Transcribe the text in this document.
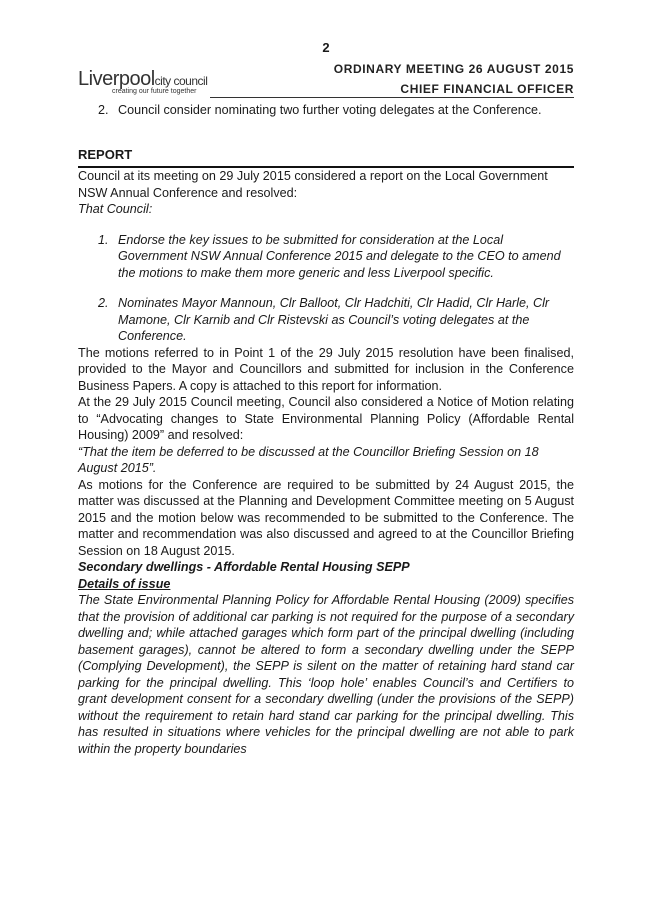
2
Liverpoolcity council
creating our future together
ORDINARY MEETING 26 AUGUST 2015
CHIEF FINANCIAL OFFICER
2. Council consider nominating two further voting delegates at the Conference.
REPORT

Council at its meeting on 29 July 2015 considered a report on the Local Government NSW Annual Conference and resolved:

That Council:

1. Endorse the key issues to be submitted for consideration at the Local Government NSW Annual Conference 2015 and delegate to the CEO to amend the motions to make them more generic and less Liverpool specific.
2. Nominates Mayor Mannoun, Clr Balloot, Clr Hadchiti, Clr Hadid, Clr Harle, Clr Mamone, Clr Karnib and Clr Ristevski as Council’s voting delegates at the Conference.

The motions referred to in Point 1 of the 29 July 2015 resolution have been finalised, provided to the Mayor and Councillors and submitted for inclusion in the Conference Business Papers. A copy is attached to this report for information.

At the 29 July 2015 Council meeting, Council also considered a Notice of Motion relating to “Advocating changes to State Environmental Planning Policy (Affordable Rental Housing) 2009” and resolved:

“That the item be deferred to be discussed at the Councillor Briefing Session on 18 August 2015”.

As motions for the Conference are required to be submitted by 24 August 2015, the matter was discussed at the Planning and Development Committee meeting on 5 August 2015 and the motion below was recommended to be submitted to the Conference. The matter and recommendation was also discussed and agreed to at the Councillor Briefing Session on 18 August 2015.

Secondary dwellings - Affordable Rental Housing SEPP

Details of issue

The State Environmental Planning Policy for Affordable Rental Housing (2009) specifies that the provision of additional car parking is not required for the purpose of a secondary dwelling and; while attached garages which form part of the principal dwelling (including basement garages), cannot be altered to form a secondary dwelling under the SEPP (Complying Development), the SEPP is silent on the matter of retaining hard stand car parking for the principal dwelling. This ‘loop hole’ enables Council’s and Certifiers to grant development consent for a secondary dwelling (under the provisions of the SEPP) without the requirement to retain hard stand car parking for the principal dwelling. This has resulted in situations where vehicles for the principal dwelling are not able to park within the property boundaries
